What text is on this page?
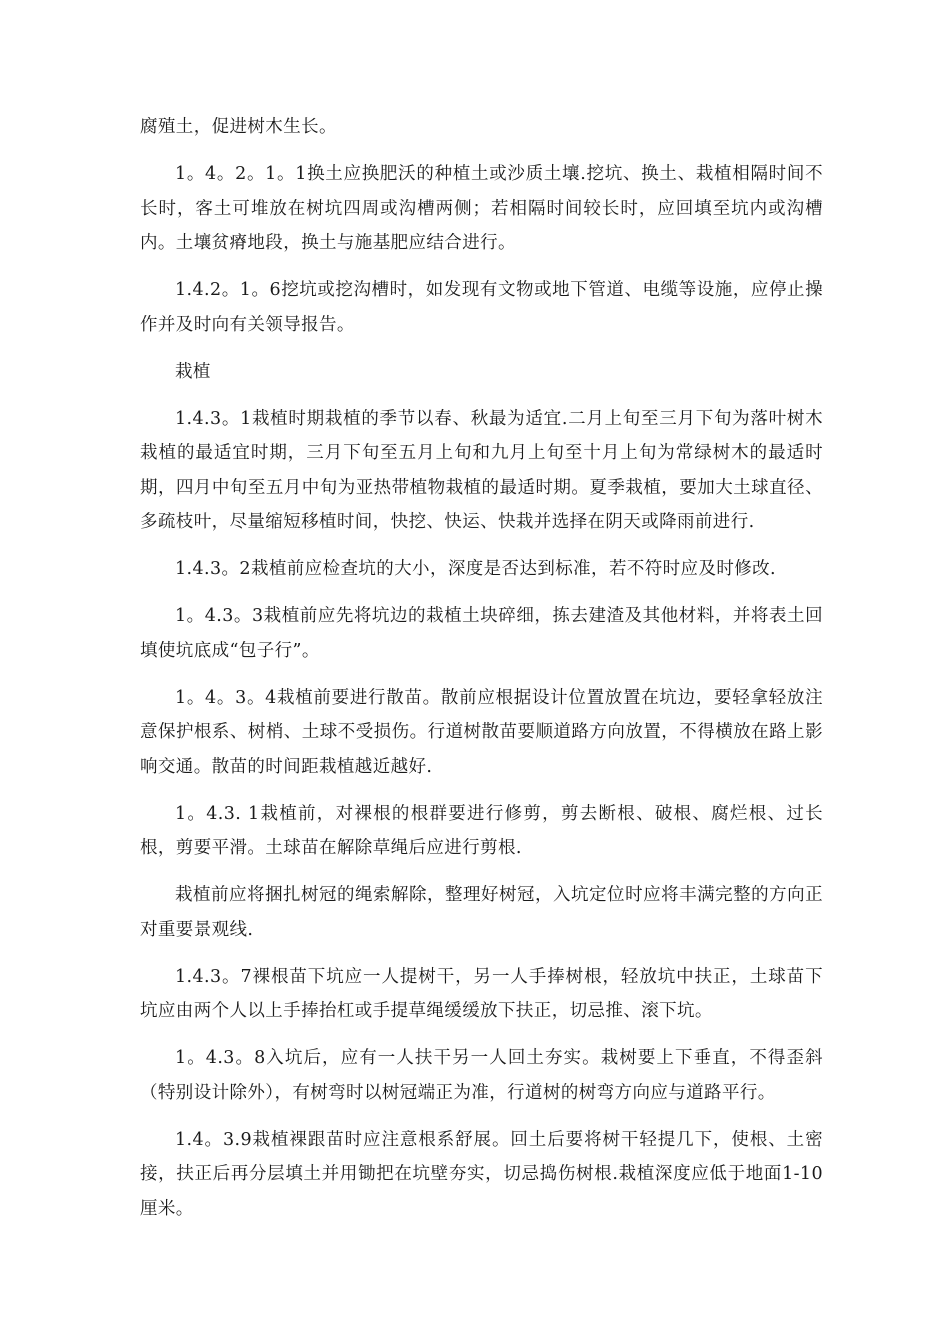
腐殖土，促进树木生长。

1。4。2。1。1换土应换肥沃的种植土或沙质土壤.挖坑、换土、栽植相隔时间不长时，客土可堆放在树坑四周或沟槽两侧；若相隔时间较长时，应回填至坑内或沟槽内。土壤贫瘠地段，换土与施基肥应结合进行。

1.4.2。1。6挖坑或挖沟槽时，如发现有文物或地下管道、电缆等设施，应停止操作并及时向有关领导报告。

栽植

1.4.3。1栽植时期栽植的季节以春、秋最为适宜.二月上旬至三月下旬为落叶树木栽植的最适宜时期，三月下旬至五月上旬和九月上旬至十月上旬为常绿树木的最适时期，四月中旬至五月中旬为亚热带植物栽植的最适时期。夏季栽植，要加大土球直径、多疏枝叶，尽量缩短移植时间，快挖、快运、快栽并选择在阴天或降雨前进行.

1.4.3。2栽植前应检查坑的大小，深度是否达到标准，若不符时应及时修改.

1。4.3。3栽植前应先将坑边的栽植土块碎细，拣去建渣及其他材料，并将表土回填使坑底成“包子行”。

1。4。3。4栽植前要进行散苗。散前应根据设计位置放置在坑边，要轻拿轻放注意保护根系、树梢、土球不受损伤。行道树散苗要顺道路方向放置，不得横放在路上影响交通。散苗的时间距栽植越近越好.

1。4.3. 1栽植前，对裸根的根群要进行修剪，剪去断根、破根、腐烂根、过长根，剪要平滑。土球苗在解除草绳后应进行剪根.

栽植前应将捆扎树冠的绳索解除，整理好树冠，入坑定位时应将丰满完整的方向正对重要景观线.

1.4.3。7裸根苗下坑应一人提树干，另一人手捧树根，轻放坑中扶正，土球苗下坑应由两个人以上手捧抬杠或手提草绳缓缓放下扶正，切忌推、滚下坑。

1。4.3。8入坑后，应有一人扶干另一人回土夯实。栽树要上下垂直，不得歪斜（特别设计除外），有树弯时以树冠端正为准，行道树的树弯方向应与道路平行。

1.4。3.9栽植裸跟苗时应注意根系舒展。回土后要将树干轻提几下，使根、土密接，扶正后再分层填土并用锄把在坑壁夯实，切忌捣伤树根.栽植深度应低于地面1-10厘米。
